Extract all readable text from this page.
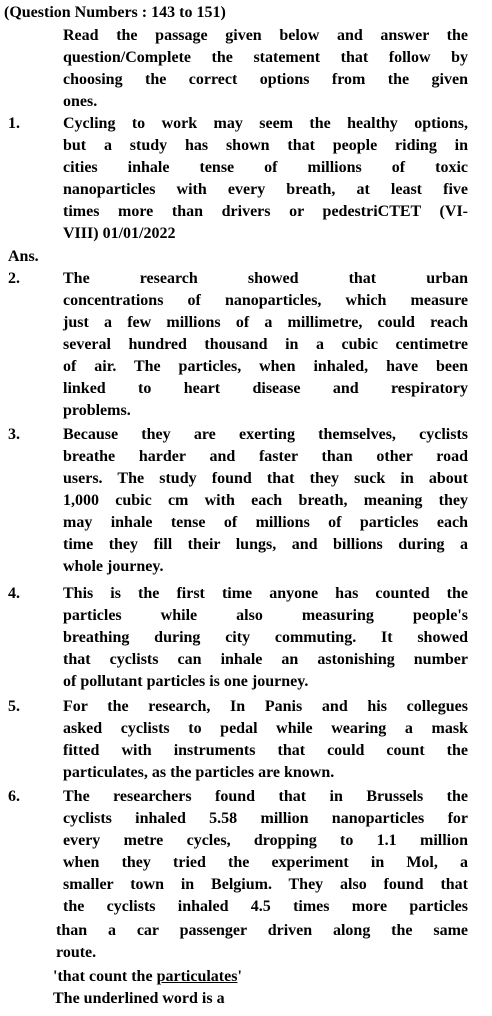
(Question Numbers : 143 to 151)
Read the passage given below and answer the
question/Complete the statement that follow by
choosing the correct options from the given
ones.
1.	Cycling to work may seem the healthy options,
but a study has shown that people riding in
cities inhale tense of millions of toxic
nanoparticles with every breath, at least five
times more than drivers or pedestriCTET (VI-
VIII) 01/01/2022
Ans.
2.	The research showed that urban
concentrations of nanoparticles, which measure
just a few millions of a millimetre, could reach
several hundred thousand in a cubic centimetre
of air. The particles, when inhaled, have been
linked to heart disease and respiratory
problems.
3.	Because they are exerting themselves, cyclists
breathe harder and faster than other road
users. The study found that they suck in about
1,000 cubic cm with each breath, meaning they
may inhale tense of millions of particles each
time they fill their lungs, and billions during a
whole journey.
4.	This is the first time anyone has counted the
particles while also measuring people's
breathing during city commuting. It showed
that cyclists can inhale an astonishing number
of pollutant particles is one journey.
5.	For the research, In Panis and his collegues
asked cyclists to pedal while wearing a mask
fitted with instruments that could count the
particulates, as the particles are known.
6.	The researchers found that in Brussels the
cyclists inhaled 5.58 million nanoparticles for
every metre cycles, dropping to 1.1 million
when they tried the experiment in Mol, a
smaller town in Belgium. They also found that
the cyclists inhaled 4.5 times more particles
than a car passenger driven along the same
route.
'that count the particulates'
The underlined word is a
